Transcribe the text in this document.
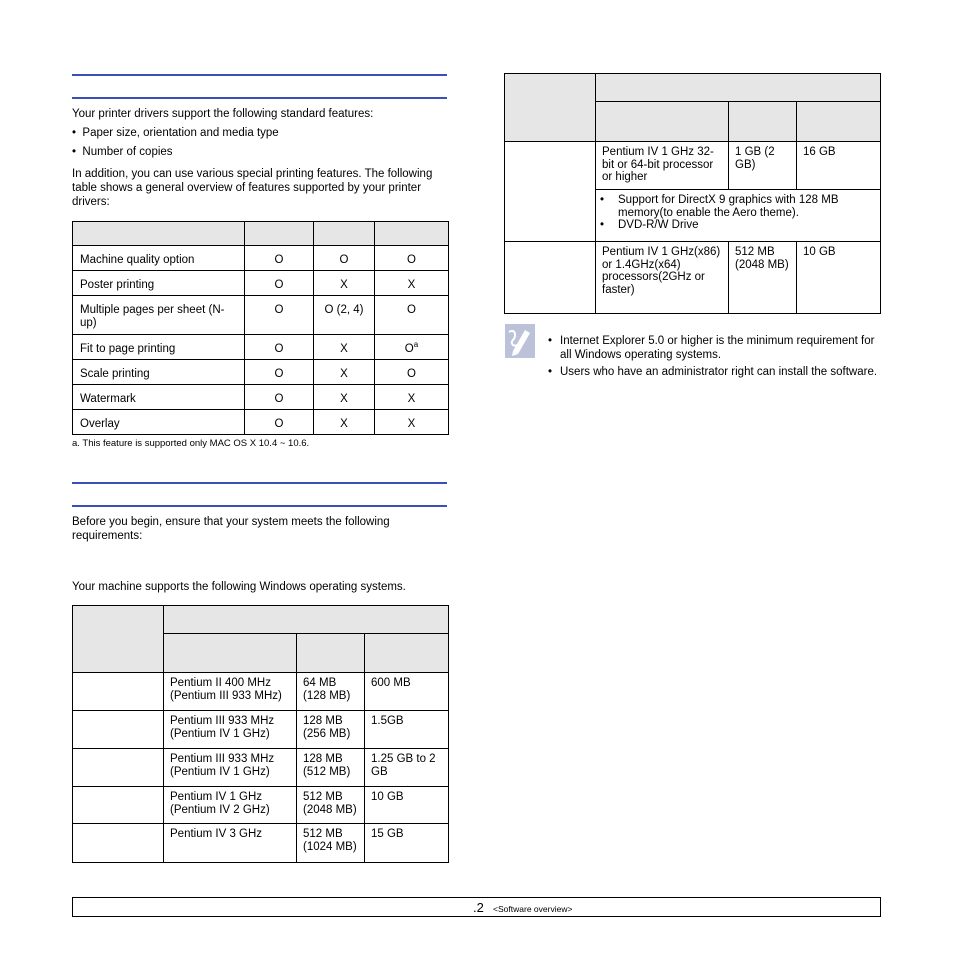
Your printer drivers support the following standard features:

•  Paper size, orientation and media type
•  Number of copies

In addition, you can use various special printing features. The following table shows a general overview of features supported by your printer drivers:

Machine quality option	O	O	O
Poster printing	O	X	X
Multiple pages per sheet (N-up)	O	O (2, 4)	O
Fit to page printing	O	X	$O^a$
Scale printing	O	X	O
Watermark	O	X	X
Overlay	O	X	X

a. This feature is supported only MAC OS X 10.4 ~ 10.6.

Before you begin, ensure that your system meets the following requirements:

Your machine supports the following Windows operating systems.

	Pentium II 400 MHz (Pentium III 933 MHz)	64 MB (128 MB)	600 MB
	Pentium III 933 MHz (Pentium IV 1 GHz)	128 MB (256 MB)	1.5GB
	Pentium III 933 MHz (Pentium IV 1 GHz)	128 MB (512 MB)	1.25 GB to 2 GB
	Pentium IV 1 GHz (Pentium IV 2 GHz)	512 MB (2048 MB)	10 GB
	Pentium IV 3 GHz	512 MB (1024 MB)	15 GB

	Pentium IV 1 GHz 32-bit or 64-bit processor or higher	1 GB (2 GB)	16 GB

	• Support for DirectX 9 graphics with 128 MB memory(to enable the Aero theme).
• DVD-R/W Drive		

	Pentium IV 1 GHz(x86) or 1.4GHz(x64) processors(2GHz or faster)	512 MB (2048 MB)	10 GB
• Internet Explorer 5.0 or higher is the minimum requirement for all Windows operating systems.
• Users who have an administrator right can install the software.
.2 <Software overview>
